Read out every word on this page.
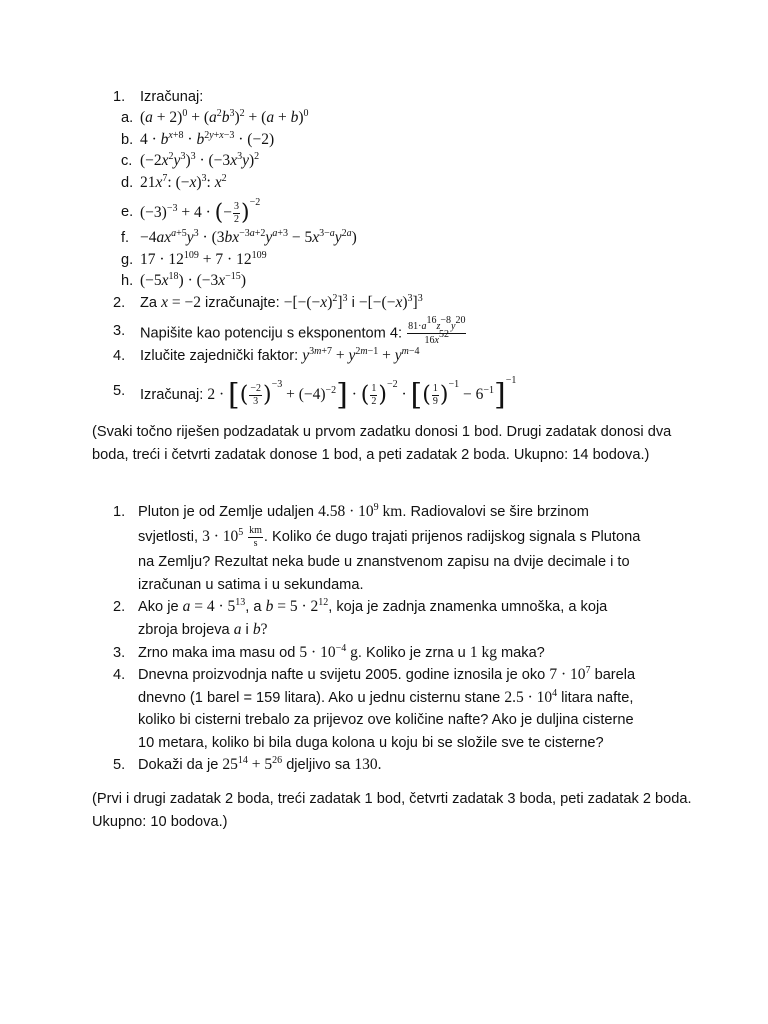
1. Izračunaj:
a. $(a + 2)^0 + (a^2b^3)^2 + (a + b)^0$
b. $4 \cdot b^{x+8} \cdot b^{2y+x-3} \cdot (-2)$
c. $(-2x^2y^3)^3 \cdot (-3x^3y)^2$
d. $21x^7$: $(-x)^3$: $x^2$
e. $(-3)^{-3} + 4$ · (− $\frac{3}{2} )^{-2}$
f. $-4ax^{a+5}y^3 \cdot (3bx^{-3a+2}y^{a+3} - 5x^{3-a}y^{2a})$
g. $17 \cdot 12^{109} + 7 \cdot 12^{109}$
h. $(-5x^{18}) \cdot (-3x^{-15})$
2. Za x = −2 izračunajte: $-[-(-x)^2]^3$ $i -[-(-x)^3]^3$
3. Napišite kao potenciju s eksponentom 4: $\frac{81\cdot a^{16}z^{-8}y^{20}}{16x^{52}}$
4. Izlučite zajednički faktor: $y^{3m+7} + y^{2m-1} + y^{m-4}$
5. Izračunaj: 2 · [( $\frac{-2}{3} )^{-3} + (-4)^{-2}$] · ( $\frac{1}{2} )^{-2}$ · [( $\frac{1}{9} )^{-1} - 6^{-1}]^{-1}$
(Svaki točno riješen podzadatak u prvom zadatku donosi 1 bod. Drugi zadatak donosi dva boda, treći i četvrti zadatak donose 1 bod, a peti zadatak 2 boda. Ukupno: 14 bodova.)
1. Pluton je od Zemlje udaljen $4.58 \cdot 10^9$ km. Radiovalovi se šire brzinom
svjetlosti, $3 \cdot 10^5 \frac{km}{s}$ . Koliko će dugo trajati prijenos radijskog signala s Plutona
na Zemlju? Rezultat neka bude u znanstvenom zapisu na dvije decimale i to
izračunan u satima i u sekundama.
2. Ako je $a = 4 \cdot 5^{13}$, a $b = 5 \cdot 2^{12}$, koja je zadnja znamenka umnoška, a koja
zbroja brojeva a i b?
3. Zrno maka ima masu od $5 \cdot 10^{-4}$ g. Koliko je zrna u 1 kg maka?
4. Dnevna proizvodnja nafte u svijetu 2005. godine iznosila je oko $7 \cdot 10^7$ barela
dnevno (1 barel = 159 litara). Ako u jednu cisternu stane $2.5 \cdot 10^4$ litara nafte,
koliko bi cisterni trebalo za prijevoz ove količine nafte? Ako je duljina cisterne
10 metara, koliko bi bila duga kolona u koju bi se složile sve te cisterne?
5. Dokaži da je $25^{14} + 5^{26}$ djeljivo sa 130.
(Prvi i drugi zadatak 2 boda, treći zadatak 1 bod, četvrti zadatak 3 boda, peti zadatak 2 boda. Ukupno: 10 bodova.)
